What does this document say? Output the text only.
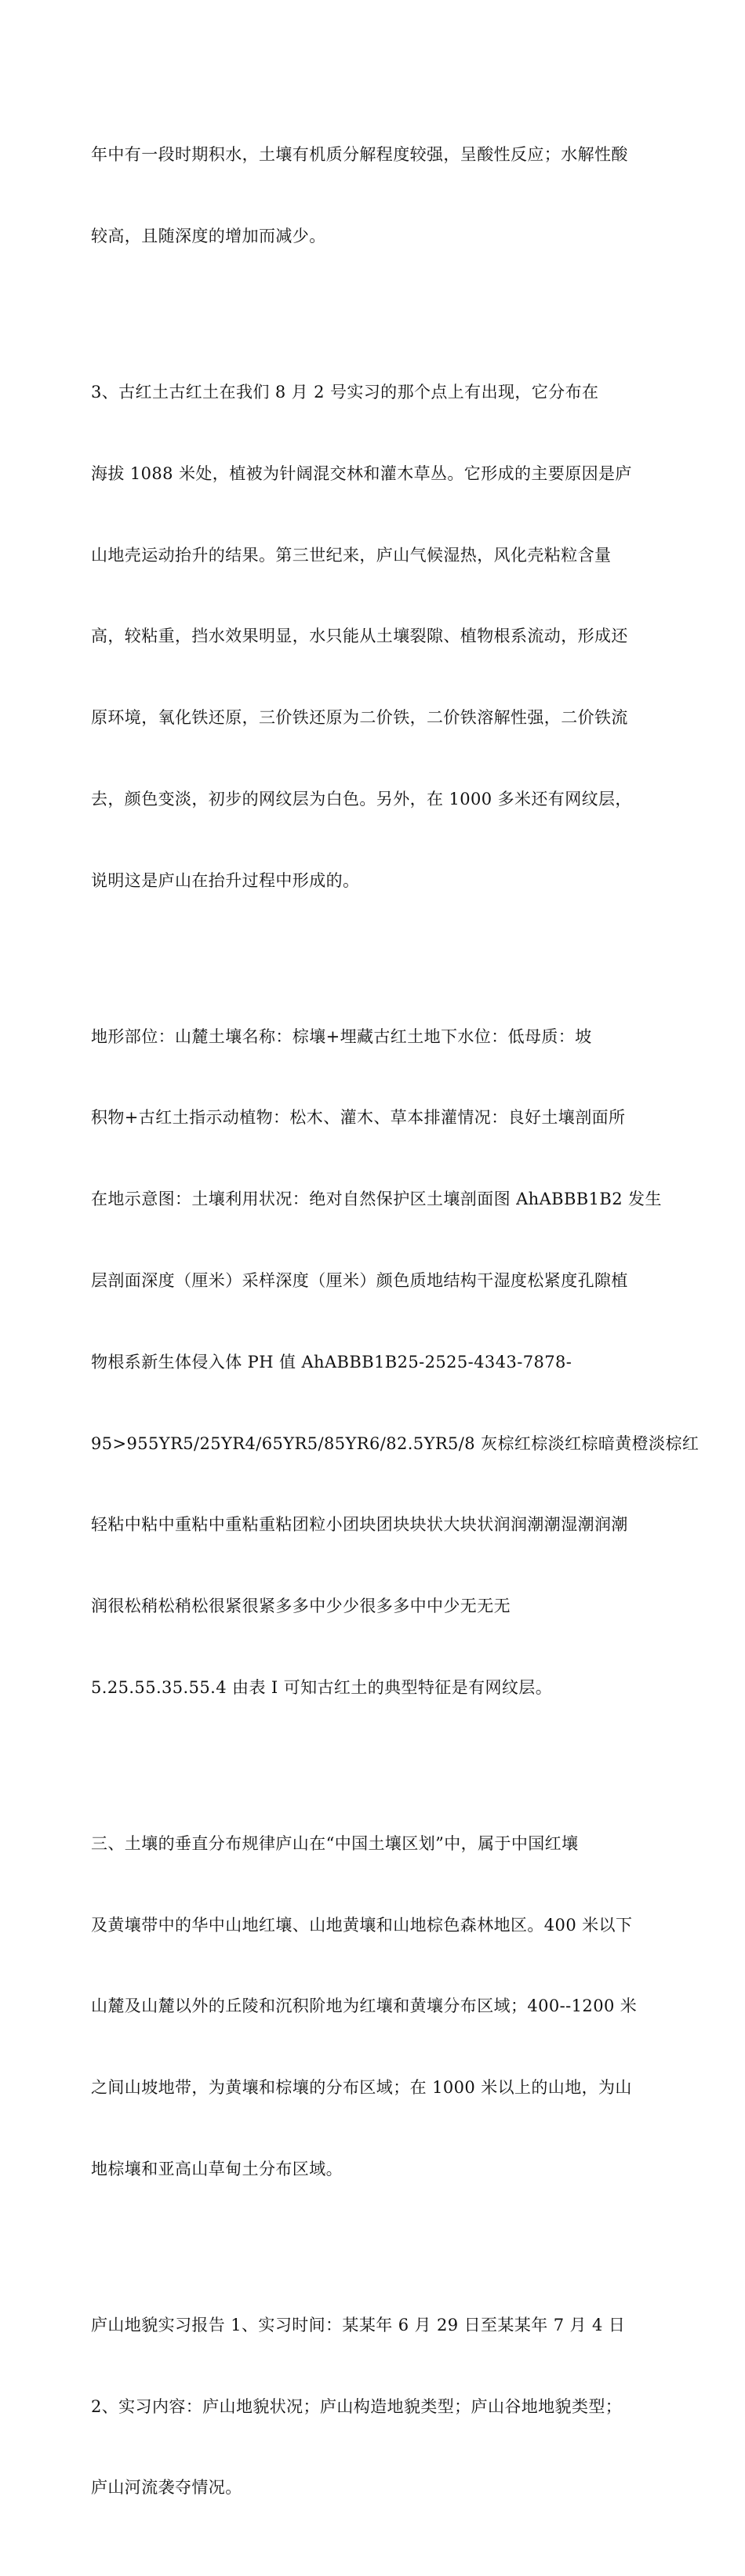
年中有一段时期积水，土壤有机质分解程度较强，呈酸性反应；水解性酸

较高，且随深度的增加而减少。

3、古红土古红土在我们 8 月 2 号实习的那个点上有出现，它分布在

海拔 1088 米处，植被为针阔混交林和灌木草丛。它形成的主要原因是庐

山地壳运动抬升的结果。第三世纪来，庐山气候湿热，风化壳粘粒含量

高，较粘重，挡水效果明显，水只能从土壤裂隙、植物根系流动，形成还

原环境，氧化铁还原，三价铁还原为二价铁，二价铁溶解性强，二价铁流

去，颜色变淡，初步的网纹层为白色。另外，在 1000 多米还有网纹层，

说明这是庐山在抬升过程中形成的。

地形部位：山麓土壤名称：棕壤+埋藏古红土地下水位：低母质：坡

积物+古红土指示动植物：松木、灌木、草本排灌情况：良好土壤剖面所

在地示意图：土壤利用状况：绝对自然保护区土壤剖面图 AhABBB1B2 发生

层剖面深度（厘米）采样深度（厘米）颜色质地结构干湿度松紧度孔隙植

物根系新生体侵入体 PH 值 AhABBB1B25-2525-4343-7878-

95>955YR5/25YR4/65YR5/85YR6/82.5YR5/8 灰棕红棕淡红棕暗黄橙淡棕红

轻粘中粘中重粘中重粘重粘团粒小团块团块块状大块状润润潮潮湿潮润潮

润很松稍松稍松很紧很紧多多中少少很多多中中少无无无

5.25.55.35.55.4 由表 I 可知古红土的典型特征是有网纹层。

三、土壤的垂直分布规律庐山在“中国土壤区划”中，属于中国红壤

及黄壤带中的华中山地红壤、山地黄壤和山地棕色森林地区。400 米以下

山麓及山麓以外的丘陵和沉积阶地为红壤和黄壤分布区域；400--1200 米

之间山坡地带，为黄壤和棕壤的分布区域；在 1000 米以上的山地，为山

地棕壤和亚高山草甸土分布区域。

庐山地貌实习报告 1、实习时间：某某年 6 月 29 日至某某年 7 月 4 日

2、实习内容：庐山地貌状况；庐山构造地貌类型；庐山谷地地貌类型；

庐山河流袭夺情况。
